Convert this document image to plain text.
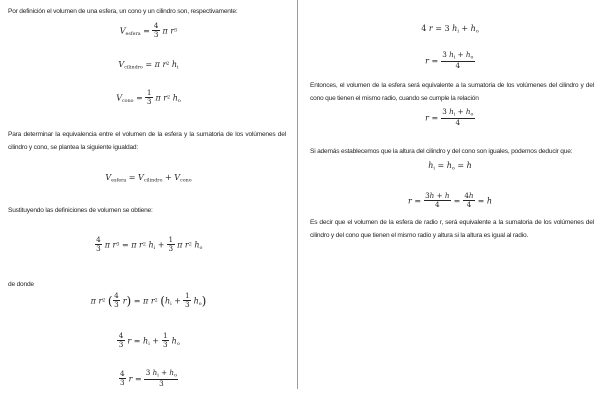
Por definición el volumen de una esfera, un cono y un cilindro son, respectivamente:

$V_{esfera} = \frac{4}{3}$ π $r^3$
$V_{cilindro} = \pi$ $r^2$ $h_i$
$V_{cono} = \frac{1}{3}$ π $r^2$ $h_o$

Para determinar la equivalencia entre el volumen de la esfera y la sumatoria de los volúmenes del cilindro y cono, se plantea la siguiente igualdad:

$V_{esfera} = V_{cilindro} + V_{cono}$

Sustituyendo las definiciones de volumen se obtiene:

$\frac{4}{3}$ π $r^3 = \pi$ $r^2$ $h_i + \frac{1}{3}$ π $r^2$ $h_o$

de donde

π $r^2$ ( $\frac{4}{3} r) = \pi$ $r^2$ $(h_i + \frac{1}{3} h_o)$
$\frac{4}{3}$ $r = h_i + \frac{1}{3} h_o$
$\frac{4}{3}$ $r = \frac{3 h_i + h_o}{3}$
4 r = 3 $h_i + h_o$
$r = \frac{3 h_i + h_o}{4}$

Entonces, el volumen de la esfera será equivalente a la sumatoria de los volúmenes del cilindro y del cono que tienen el mismo radio, cuando se cumple la relación

$r = \frac{3 h_i + h_o}{4}$

Si además establecemos que la altura del cilindro y del cono son iguales, podemos deducir que:

$h_i = h_o = h$
$r = \frac{3h + h}{4} = \frac{4h}{4} = h$

Es decir que el volumen de la esfera de radio r, será equivalente a la sumatoria de los volúmenes del cilindro y del cono que tienen el mismo radio y altura si la altura es igual al radio.
